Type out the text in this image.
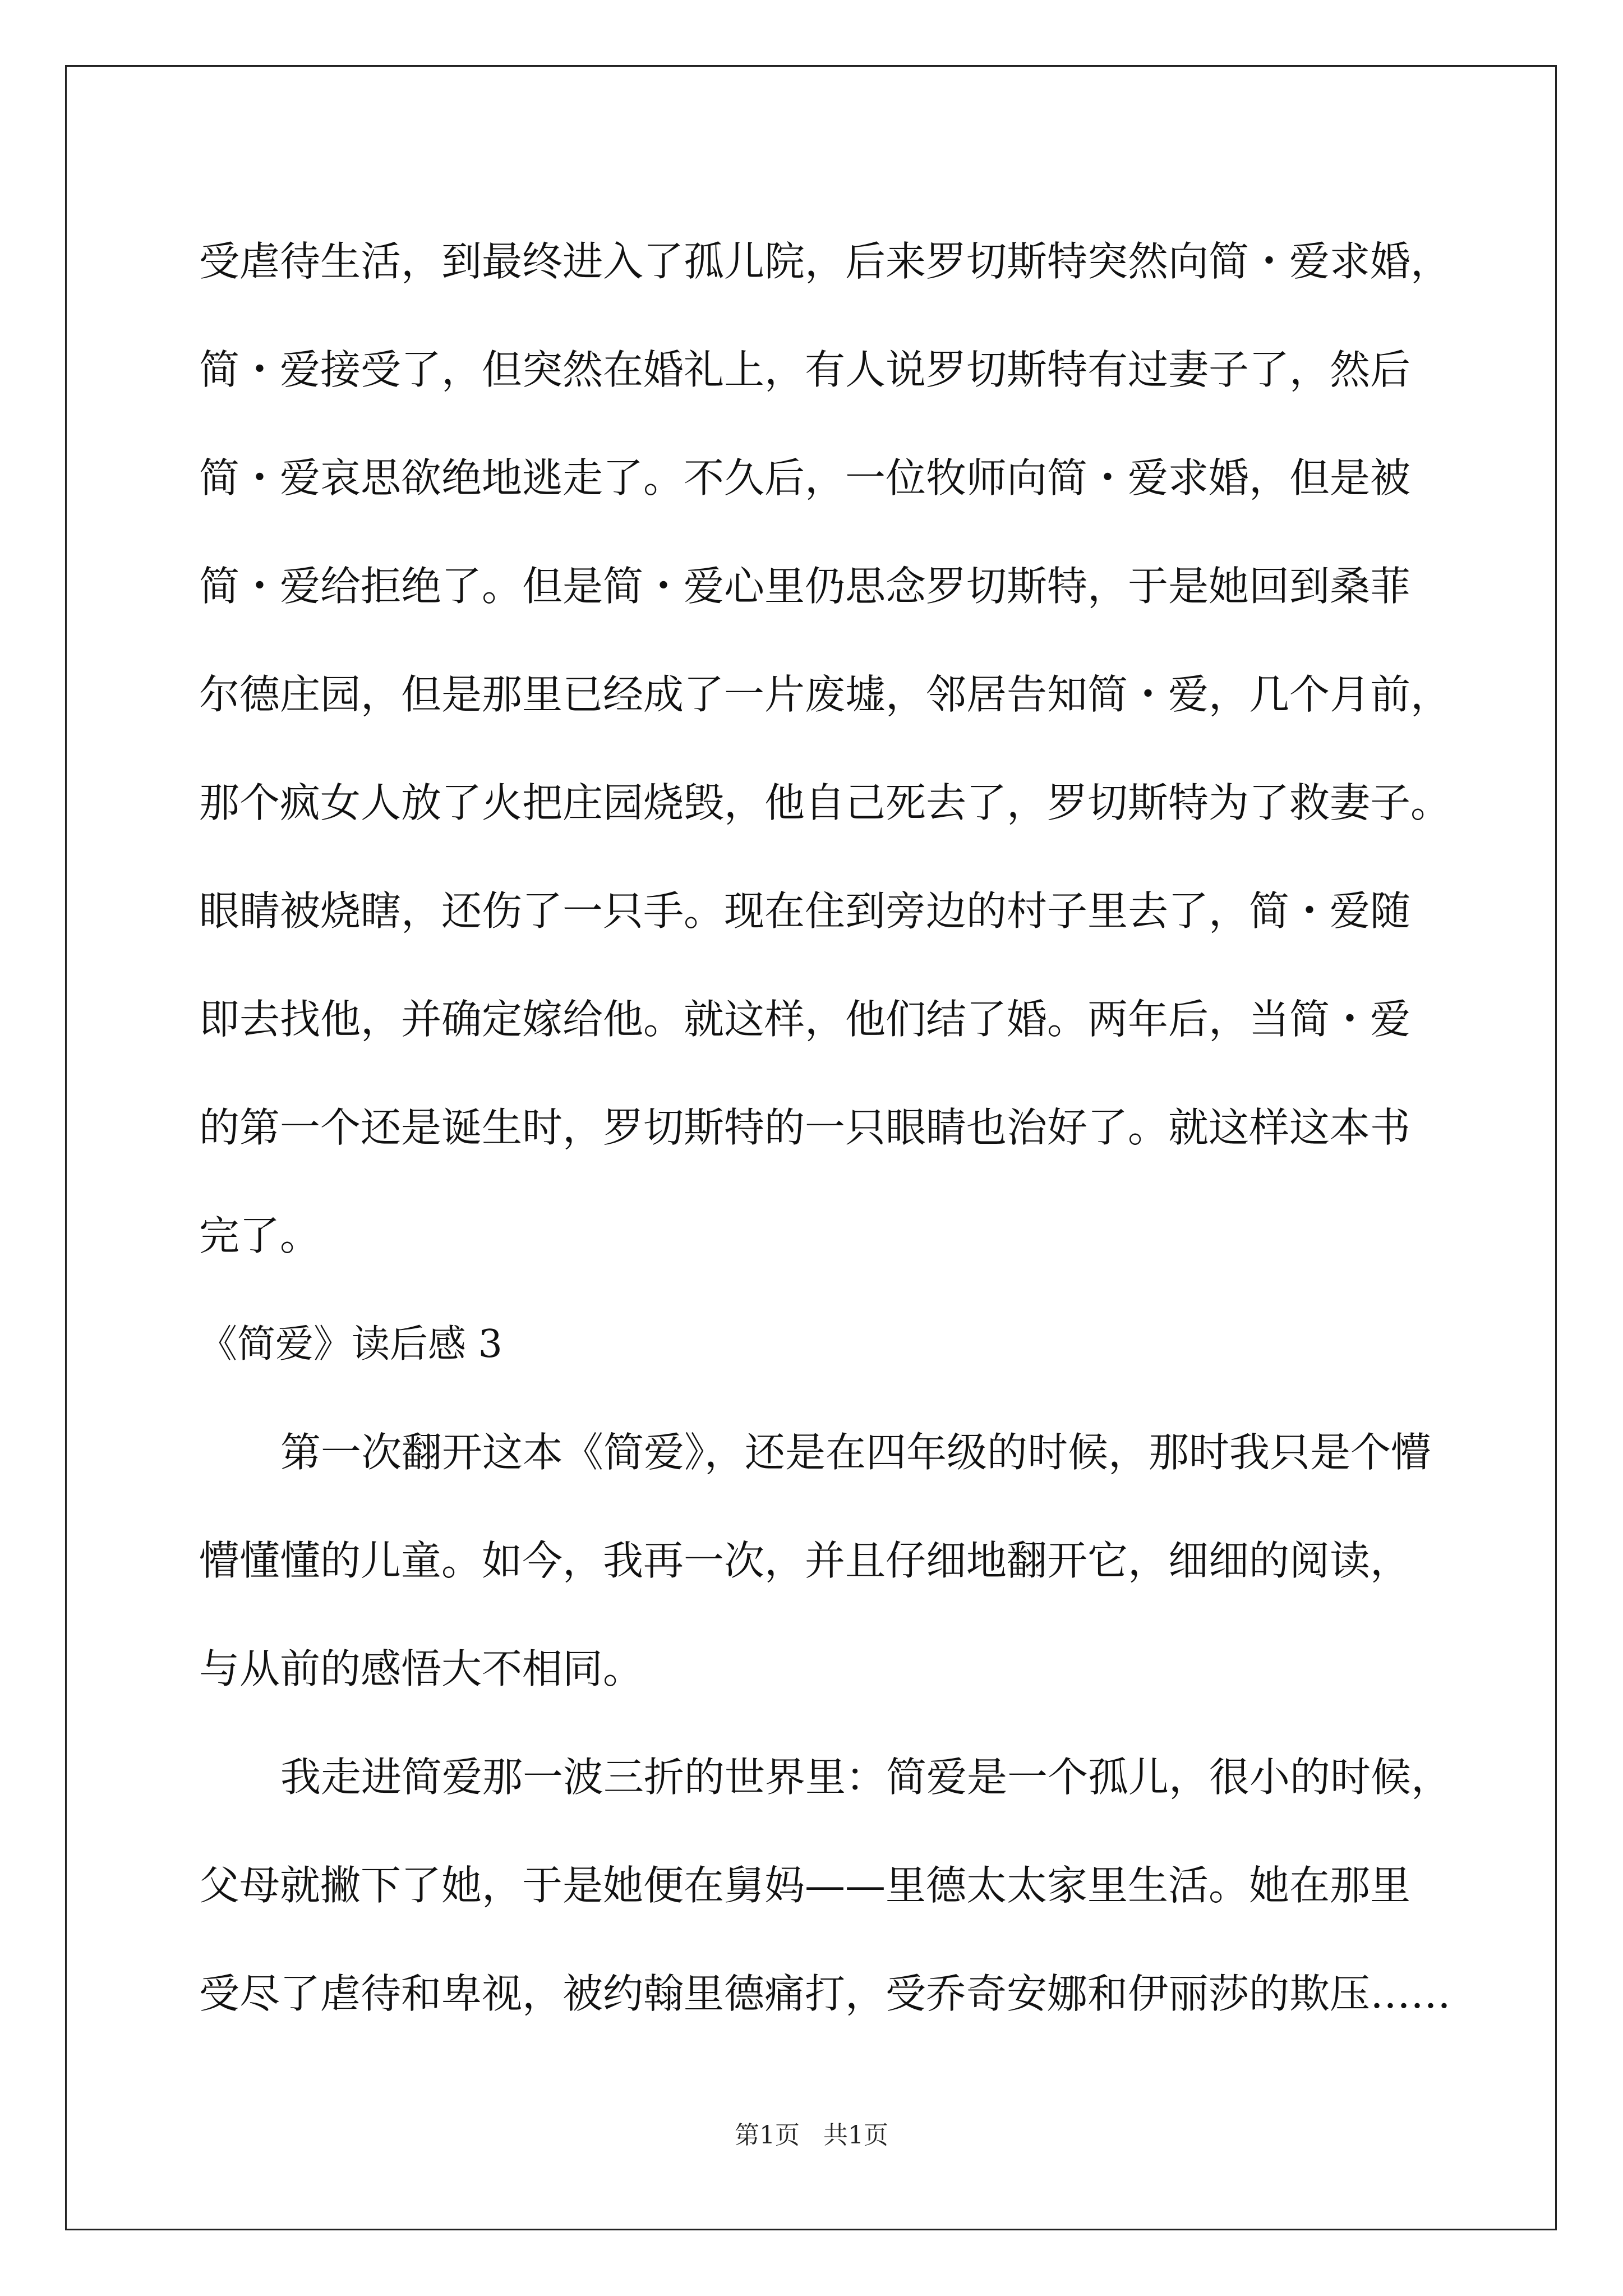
受虐待生活，到最终进入了孤儿院，后来罗切斯特突然向简・爱求婚，
简・爱接受了，但突然在婚礼上，有人说罗切斯特有过妻子了，然后
简・爱哀思欲绝地逃走了。不久后，一位牧师向简・爱求婚，但是被
简・爱给拒绝了。但是简・爱心里仍思念罗切斯特，于是她回到桑菲
尔德庄园，但是那里已经成了一片废墟，邻居告知简・爱，几个月前，
那个疯女人放了火把庄园烧毁，他自己死去了，罗切斯特为了救妻子。
眼睛被烧瞎，还伤了一只手。现在住到旁边的村子里去了，简・爱随
即去找他，并确定嫁给他。就这样，他们结了婚。两年后，当简・爱
的第一个还是诞生时，罗切斯特的一只眼睛也治好了。就这样这本书
完了。
《简爱》读后感 3
第一次翻开这本《简爱》，还是在四年级的时候，那时我只是个懵
懵懂懂的儿童。如今，我再一次，并且仔细地翻开它，细细的阅读，
与从前的感悟大不相同。
我走进简爱那一波三折的世界里：简爱是一个孤儿，很小的时候，
父母就撇下了她，于是她便在舅妈——里德太太家里生活。她在那里
受尽了虐待和卑视，被约翰里德痛打，受乔奇安娜和伊丽莎的欺压……
第1页   共1页
